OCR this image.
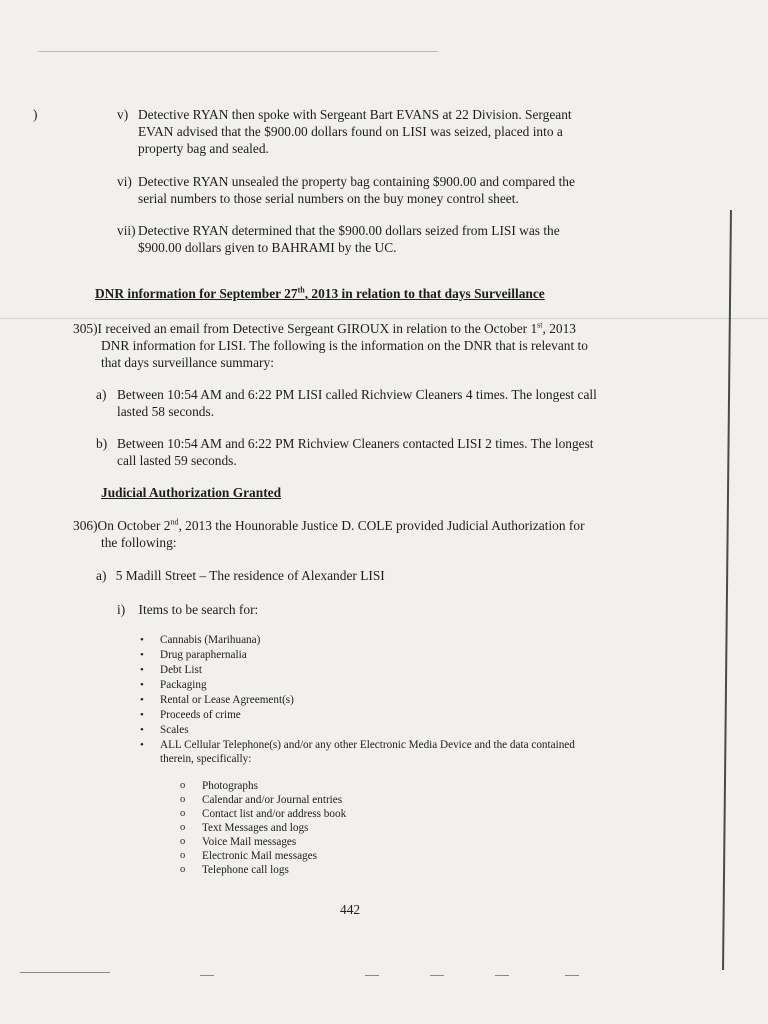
)	v) Detective RYAN then spoke with Sergeant Bart EVANS at 22 Division. Sergeant
EVAN advised that the $900.00 dollars found on LISI was seized, placed into a
property bag and sealed.
vi) Detective RYAN unsealed the property bag containing $900.00 and compared the
serial numbers to those serial numbers on the buy money control sheet.
vii) Detective RYAN determined that the $900.00 dollars seized from LISI was the
$900.00 dollars given to BAHRAMI by the UC.
DNR information for September 27th, 2013 in relation to that days Surveillance
305)I received an email from Detective Sergeant GIROUX in relation to the October 1st, 2013
DNR information for LISI. The following is the information on the DNR that is relevant to
that days surveillance summary:
a) Between 10:54 AM and 6:22 PM LISI called Richview Cleaners 4 times. The longest call
lasted 58 seconds.
b) Between 10:54 AM and 6:22 PM Richview Cleaners contacted LISI 2 times. The longest
call lasted 59 seconds.
Judicial Authorization Granted
306)On October 2nd, 2013 the Hounorable Justice D. COLE provided Judicial Authorization for
the following:
a) 5 Madill Street – The residence of Alexander LISI
i) Items to be search for:
• Cannabis (Marihuana)
• Drug paraphernalia
• Debt List
• Packaging
• Rental or Lease Agreement(s)
• Proceeds of crime
• Scales
• ALL Cellular Telephone(s) and/or any other Electronic Media Device and the data contained
therein, specifically:
o Photographs
o Calendar and/or Journal entries
o Contact list and/or address book
o Text Messages and logs
o Voice Mail messages
o Electronic Mail messages
o Telephone call logs
442
